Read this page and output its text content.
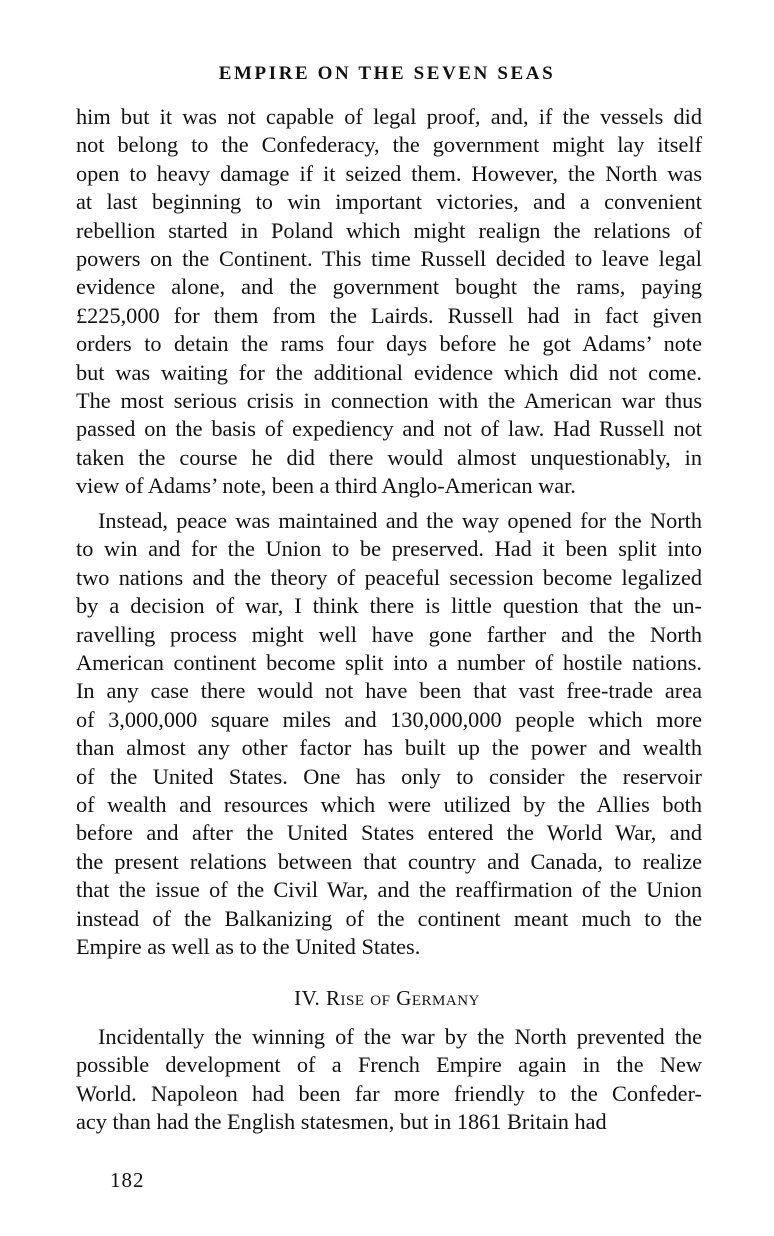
EMPIRE ON THE SEVEN SEAS
him but it was not capable of legal proof, and, if the vessels did
not belong to the Confederacy, the government might lay itself
open to heavy damage if it seized them. However, the North was
at last beginning to win important victories, and a convenient
rebellion started in Poland which might realign the relations of
powers on the Continent. This time Russell decided to leave legal
evidence alone, and the government bought the rams, paying
£225,000 for them from the Lairds. Russell had in fact given
orders to detain the rams four days before he got Adams’ note
but was waiting for the additional evidence which did not come.
The most serious crisis in connection with the American war thus
passed on the basis of expediency and not of law. Had Russell not
taken the course he did there would almost unquestionably, in
view of Adams’ note, been a third Anglo-American war.
Instead, peace was maintained and the way opened for the North
to win and for the Union to be preserved. Had it been split into
two nations and the theory of peaceful secession become legalized
by a decision of war, I think there is little question that the un-
ravelling process might well have gone farther and the North
American continent become split into a number of hostile nations.
In any case there would not have been that vast free-trade area
of 3,000,000 square miles and 130,000,000 people which more
than almost any other factor has built up the power and wealth
of the United States. One has only to consider the reservoir
of wealth and resources which were utilized by the Allies both
before and after the United States entered the World War, and
the present relations between that country and Canada, to realize
that the issue of the Civil War, and the reaffirmation of the Union
instead of the Balkanizing of the continent meant much to the
Empire as well as to the United States.
IV. Rise of Germany
Incidentally the winning of the war by the North prevented the
possible development of a French Empire again in the New
World. Napoleon had been far more friendly to the Confeder-
acy than had the English statesmen, but in 1861 Britain had
182
